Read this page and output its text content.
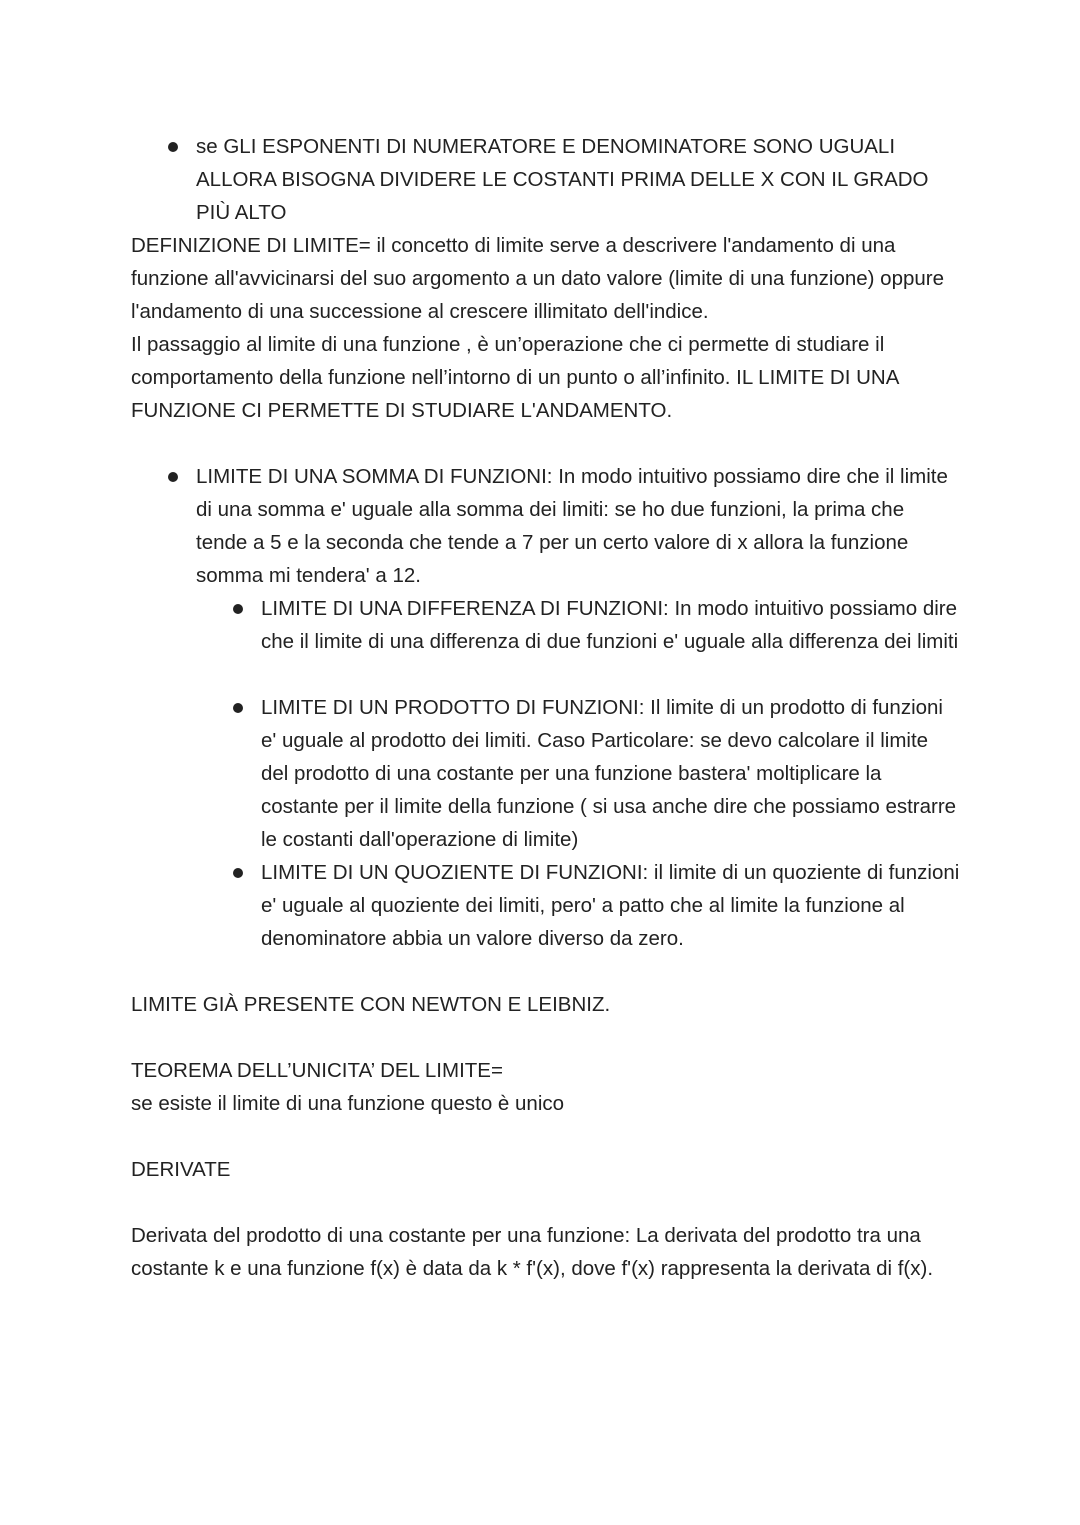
se GLI ESPONENTI DI NUMERATORE E DENOMINATORE SONO UGUALI ALLORA BISOGNA DIVIDERE LE COSTANTI PRIMA DELLE X CON IL GRADO PIÙ ALTO

DEFINIZIONE DI LIMITE= il concetto di limite serve a descrivere l'andamento di una funzione all'avvicinarsi del suo argomento a un dato valore (limite di una funzione) oppure l'andamento di una successione al crescere illimitato dell'indice.

Il passaggio al limite di una funzione , è un’operazione che ci permette di studiare il comportamento della funzione nell’intorno di un punto o all’infinito. IL LIMITE DI UNA FUNZIONE CI PERMETTE DI STUDIARE L'ANDAMENTO.

LIMITE DI UNA SOMMA DI FUNZIONI: In modo intuitivo possiamo dire che il limite di una somma e' uguale alla somma dei limiti: se ho due funzioni, la prima che tende a 5 e la seconda che tende a 7 per un certo valore di x allora la funzione somma mi tendera' a 12.

LIMITE DI UNA DIFFERENZA DI FUNZIONI: In modo intuitivo possiamo dire che il limite di una differenza di due funzioni e' uguale alla differenza dei limiti

LIMITE DI UN PRODOTTO DI FUNZIONI: Il limite di un prodotto di funzioni e' uguale al prodotto dei limiti. Caso Particolare: se devo calcolare il limite del prodotto di una costante per una funzione bastera' moltiplicare la costante per il limite della funzione ( si usa anche dire che possiamo estrarre le costanti dall'operazione di limite)

LIMITE DI UN QUOZIENTE DI FUNZIONI: il limite di un quoziente di funzioni e' uguale al quoziente dei limiti, pero' a patto che al limite la funzione al denominatore abbia un valore diverso da zero.

LIMITE GIÀ PRESENTE CON NEWTON E LEIBNIZ.

TEOREMA DELL’UNICITA’ DEL LIMITE=

se esiste il limite di una funzione questo è unico

DERIVATE

Derivata del prodotto di una costante per una funzione: La derivata del prodotto tra una costante k e una funzione f(x) è data da k * f'(x), dove f'(x) rappresenta la derivata di f(x).
